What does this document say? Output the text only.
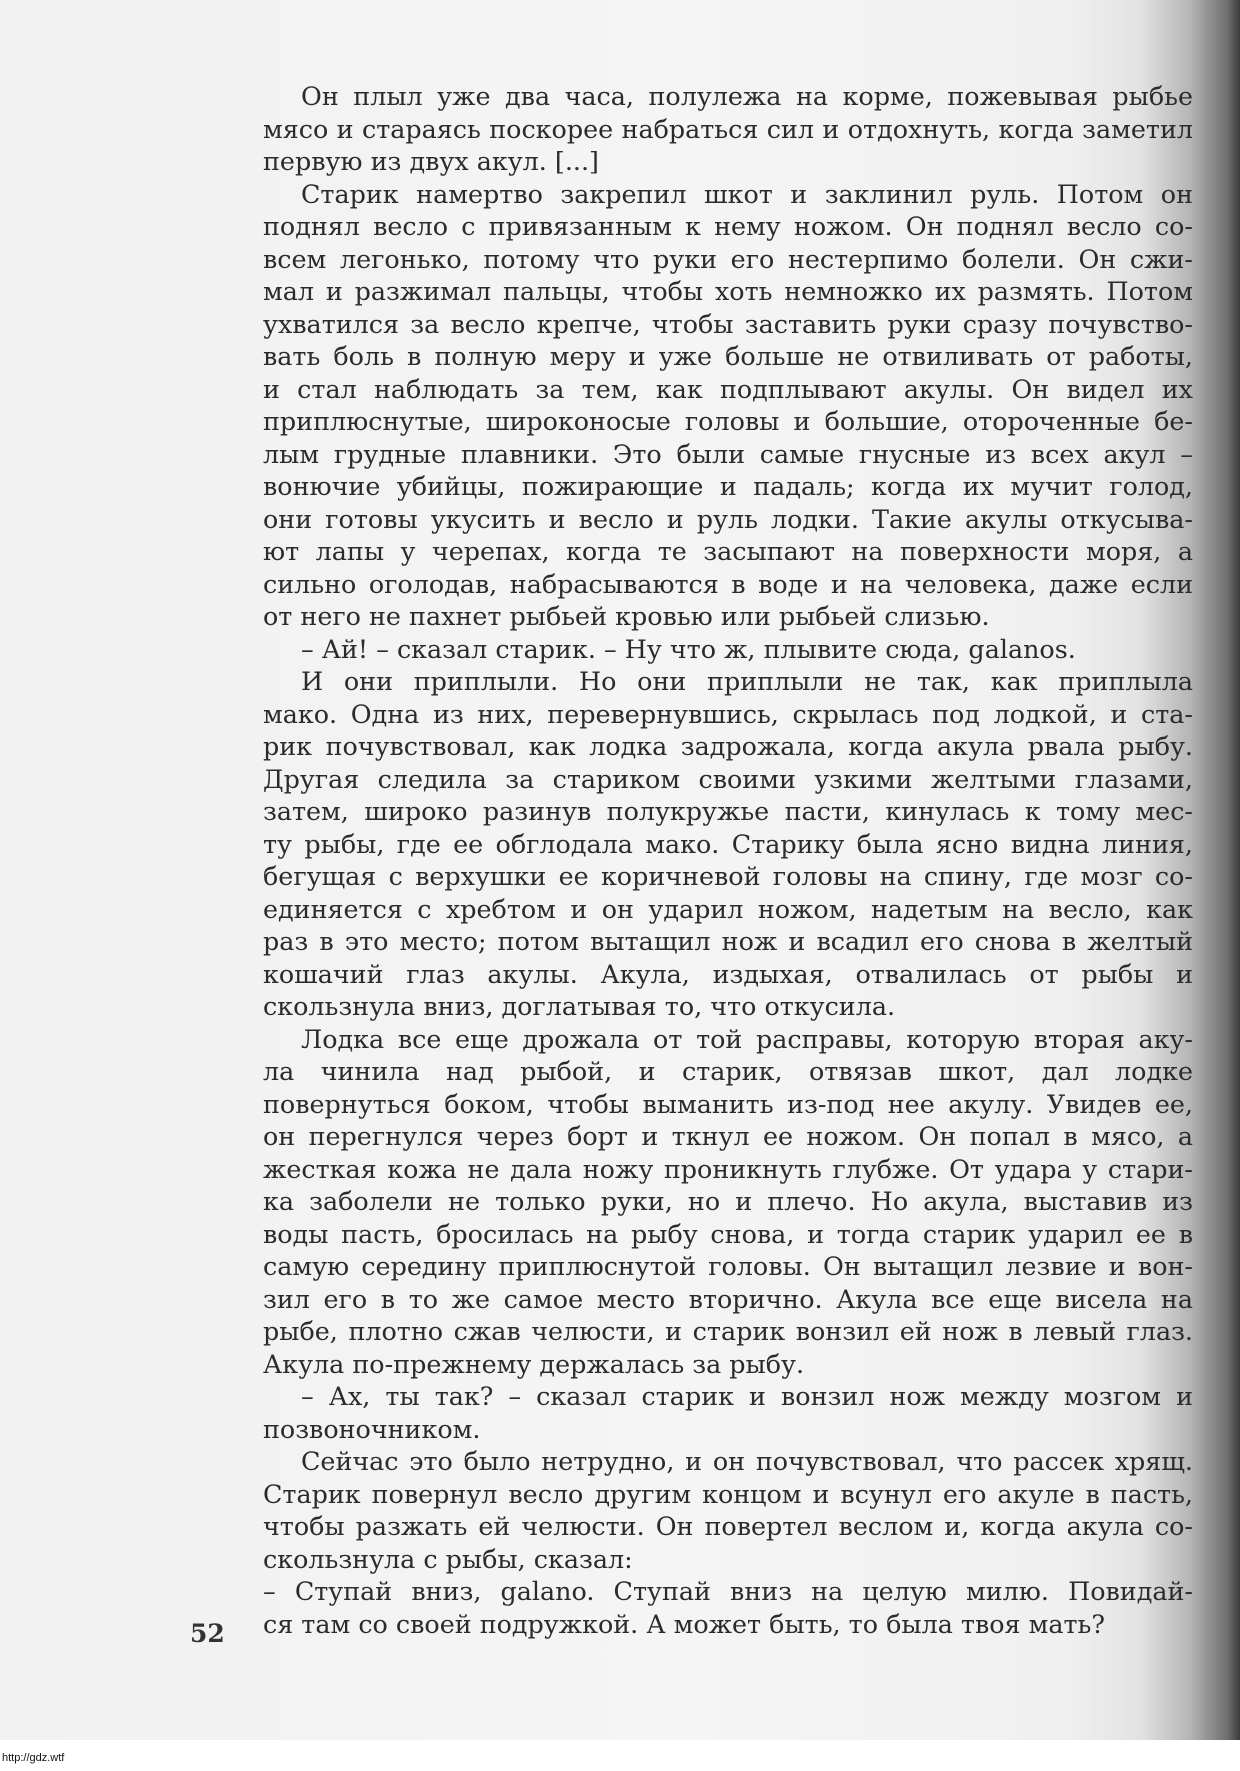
Он плыл уже два часа, полулежа на корме, пожевывая рыбье
мясо и стараясь поскорее набраться сил и отдохнуть, когда заметил
первую из двух акул. [...]
Старик намертво закрепил шкот и заклинил руль. Потом он
поднял весло с привязанным к нему ножом. Он поднял весло со-
всем легонько, потому что руки его нестерпимо болели. Он сжи-
мал и разжимал пальцы, чтобы хоть немножко их размять. Потом
ухватился за весло крепче, чтобы заставить руки сразу почувство-
вать боль в полную меру и уже больше не отвиливать от работы,
и стал наблюдать за тем, как подплывают акулы. Он видел их
приплюснутые, широконосые головы и большие, отороченные бе-
лым грудные плавники. Это были самые гнусные из всех акул –
вонючие убийцы, пожирающие и падаль; когда их мучит голод,
они готовы укусить и весло и руль лодки. Такие акулы откусыва-
ют лапы у черепах, когда те засыпают на поверхности моря, а
сильно оголодав, набрасываются в воде и на человека, даже если
от него не пахнет рыбьей кровью или рыбьей слизью.
– Ай! – сказал старик. – Ну что ж, плывите сюда, galanos.
И они приплыли. Но они приплыли не так, как приплыла
мако. Одна из них, перевернувшись, скрылась под лодкой, и ста-
рик почувствовал, как лодка задрожала, когда акула рвала рыбу.
Другая следила за стариком своими узкими желтыми глазами,
затем, широко разинув полукружье пасти, кинулась к тому мес-
ту рыбы, где ее обглодала мако. Старику была ясно видна линия,
бегущая с верхушки ее коричневой головы на спину, где мозг со-
единяется с хребтом и он ударил ножом, надетым на весло, как
раз в это место; потом вытащил нож и всадил его снова в желтый
кошачий глаз акулы. Акула, издыхая, отвалилась от рыбы и
скользнула вниз, доглатывая то, что откусила.
Лодка все еще дрожала от той расправы, которую вторая аку-
ла чинила над рыбой, и старик, отвязав шкот, дал лодке
повернуться боком, чтобы выманить из-под нее акулу. Увидев ее,
он перегнулся через борт и ткнул ее ножом. Он попал в мясо, а
жесткая кожа не дала ножу проникнуть глубже. От удара у стари-
ка заболели не только руки, но и плечо. Но акула, выставив из
воды пасть, бросилась на рыбу снова, и тогда старик ударил ее в
самую середину приплюснутой головы. Он вытащил лезвие и вон-
зил его в то же самое место вторично. Акула все еще висела на
рыбе, плотно сжав челюсти, и старик вонзил ей нож в левый глаз.
Акула по-прежнему держалась за рыбу.
– Ах, ты так? – сказал старик и вонзил нож между мозгом и
позвоночником.
Сейчас это было нетрудно, и он почувствовал, что рассек хрящ.
Старик повернул весло другим концом и всунул его акуле в пасть,
чтобы разжать ей челюсти. Он повертел веслом и, когда акула со-
скользнула с рыбы, сказал:
– Ступай вниз, galano. Ступай вниз на целую милю. Повидай-
ся там со своей подружкой. А может быть, то была твоя мать?
52
http://gdz.wtf
